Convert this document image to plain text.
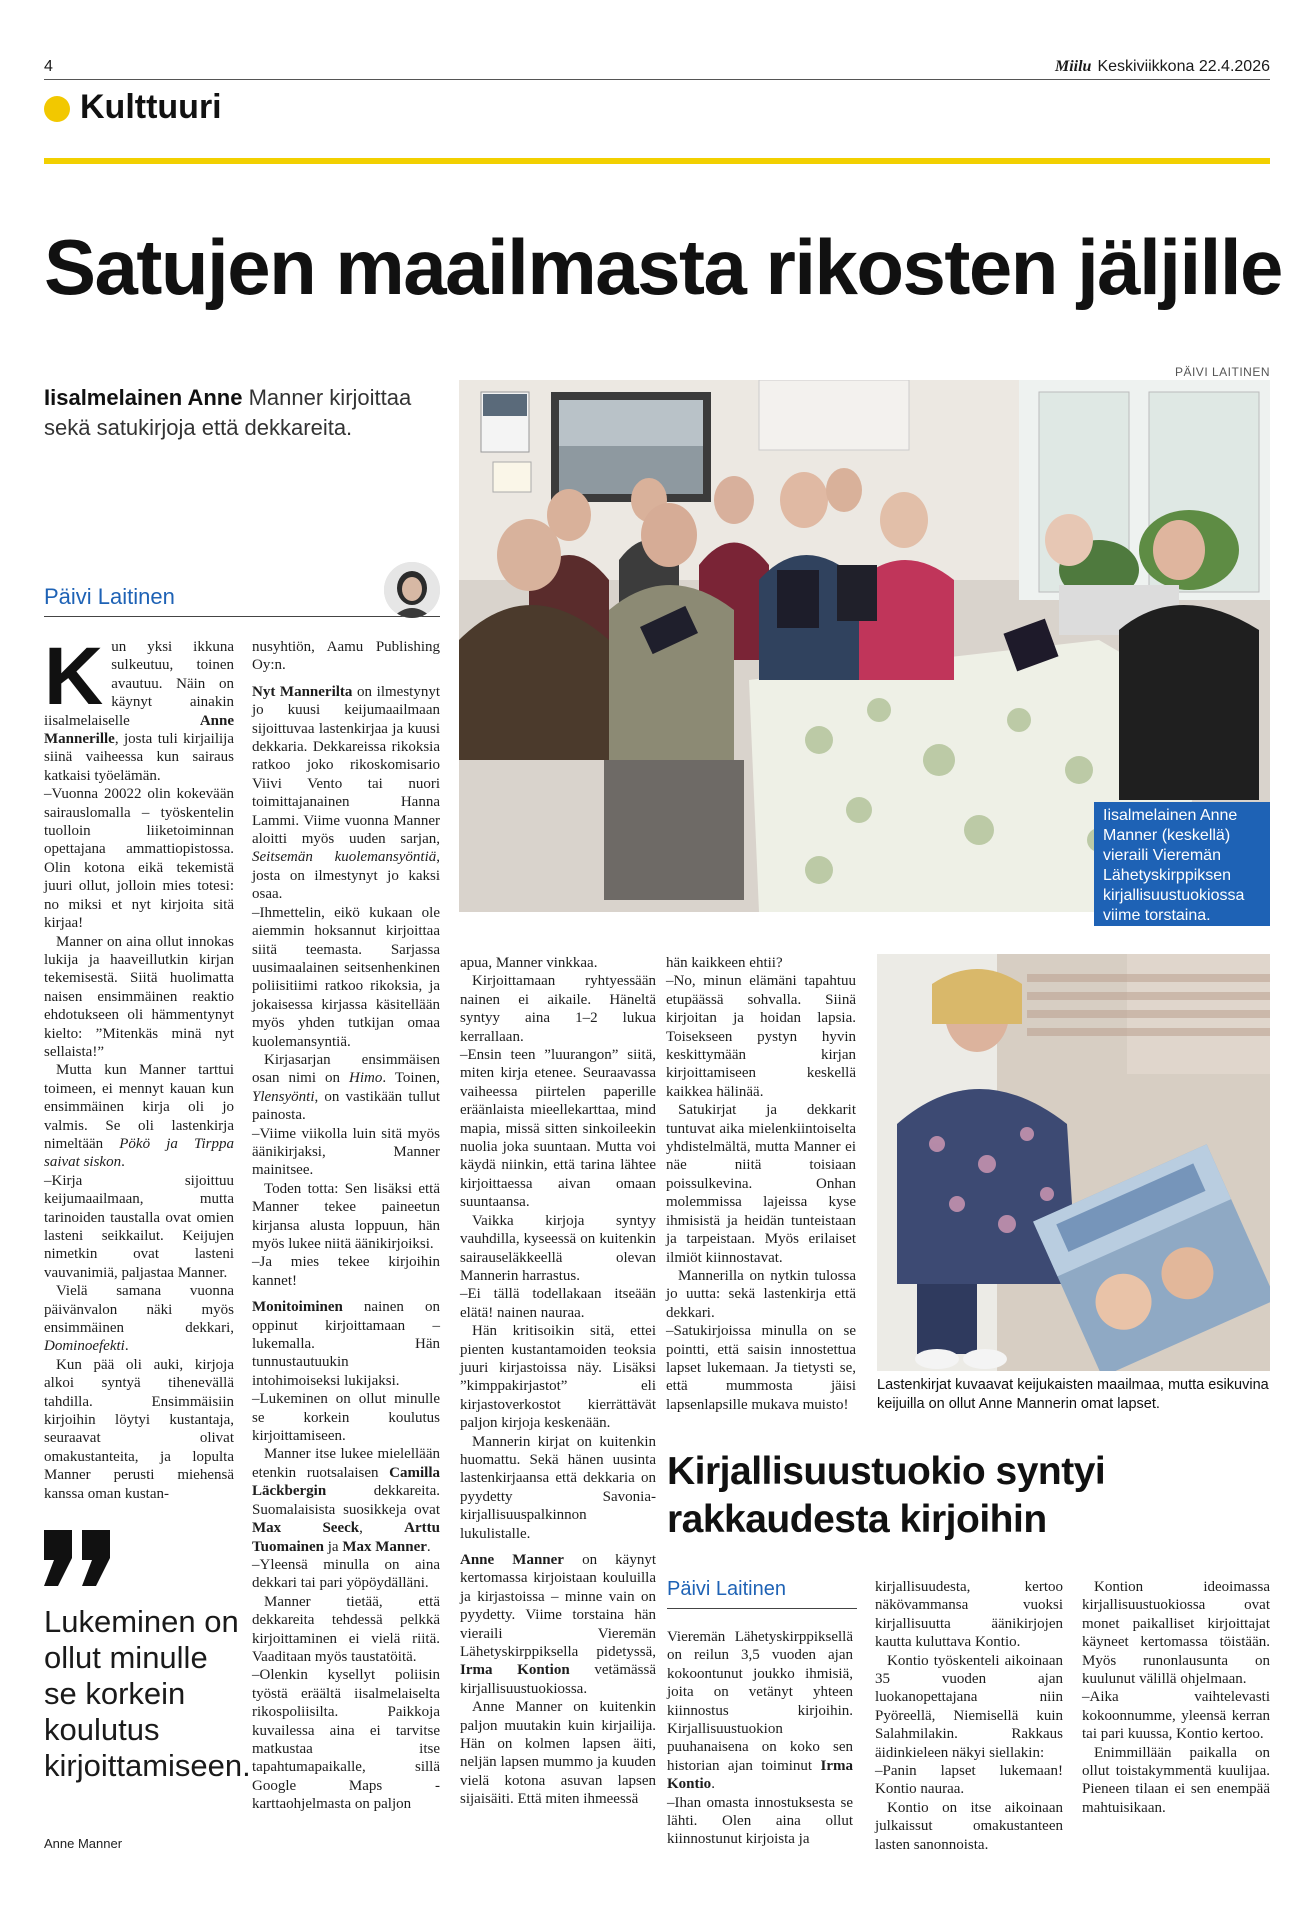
4	Miilu Keskiviikkona 22.4.2026
Kulttuuri
Satujen maailmasta rikosten jäljille
Iisalmelainen Anne Manner kirjoittaa sekä satukirjoja että dekkareita.
Päivi Laitinen
PÄIVI LAITINEN
Iisalmelainen Anne Manner (keskellä) vieraili Vieremän Lähetyskirppiksen kirjallisuustuokiossa viime torstaina.
Lastenkirjat kuvaavat keijukaisten maailmaa, mutta esikuvina keijuilla on ollut Anne Mannerin omat lapset.

Kun yksi ikkuna sulkeutuu, toinen avautuu. Näin on käynyt ainakin iisalmelaiselle Anne Mannerille, josta tuli kirjailija siinä vaiheessa kun sairaus katkaisi työelämän.

–Vuonna 20022 olin kokevään sairauslomalla – työskentelin tuolloin liiketoiminnan opettajana ammattiopistossa. Olin kotona eikä tekemistä juuri ollut, jolloin mies totesi: no miksi et nyt kirjoita sitä kirjaa!

Manner on aina ollut innokas lukija ja haaveillutkin kirjan tekemisestä. Siitä huolimatta naisen ensimmäinen reaktio ehdotukseen oli hämmentynyt kielto: ”Mitenkäs minä nyt sellaista!”

Mutta kun Manner tarttui toimeen, ei mennyt kauan kun ensimmäinen kirja oli jo valmis. Se oli lastenkirja nimeltään Pökö ja Tirppa saivat siskon.

–Kirja sijoittuu keijumaailmaan, mutta tarinoiden taustalla ovat omien lasteni seikkailut. Keijujen nimetkin ovat lasteni vauvanimiä, paljastaa Manner.

Vielä samana vuonna päivänvalon näki myös ensimmäinen dekkari, Dominoefekti.

Kun pää oli auki, kirjoja alkoi syntyä tihenevällä tahdilla. Ensimmäisiin kirjoihin löytyi kustantaja, seuraavat olivat omakustanteita, ja lopulta Manner perusti miehensä kanssa oman kustan-

nusyhtiön, Aamu Publishing Oy:n.

Nyt Mannerilta on ilmestynyt jo kuusi keijumaailmaan sijoittuvaa lastenkirjaa ja kuusi dekkaria. Dekkareissa rikoksia ratkoo joko rikoskomisario Viivi Vento tai nuori toimittajanainen Hanna Lammi. Viime vuonna Manner aloitti myös uuden sarjan, Seitsemän kuolemansyöntiä, josta on ilmestynyt jo kaksi osaa.

–Ihmettelin, eikö kukaan ole aiemmin hoksannut kirjoittaa siitä teemasta. Sarjassa uusimaalainen seitsenhenkinen poliisitiimi ratkoo rikoksia, ja jokaisessa kirjassa käsitellään myös yhden tutkijan omaa kuolemansyntiä.

Kirjasarjan ensimmäisen osan nimi on Himo. Toinen, Ylensyönti, on vastikään tullut painosta.

–Viime viikolla luin sitä myös äänikirjaksi, Manner mainitsee.

Toden totta: Sen lisäksi että Manner tekee paineetun kirjansa alusta loppuun, hän myös lukee niitä äänikirjoiksi.

–Ja mies tekee kirjoihin kannet!

Monitoiminen nainen on oppinut kirjoittamaan – lukemalla. Hän tunnustautuukin intohimoiseksi lukijaksi.

–Lukeminen on ollut minulle se korkein koulutus kirjoittamiseen.

Manner itse lukee mielellään etenkin ruotsalaisen Camilla Läckbergin dekkareita. Suomalaisista suosikkeja ovat Max Seeck, Arttu Tuomainen ja Max Manner.

–Yleensä minulla on aina dekkari tai pari yöpöydälläni.

Manner tietää, että dekkareita tehdessä pelkkä kirjoittaminen ei vielä riitä. Vaaditaan myös taustatöitä.

–Olenkin kysellyt poliisin työstä eräältä iisalmelaiselta rikospoliisilta. Paikkoja kuvailessa aina ei tarvitse matkustaa itse tapahtumapaikalle, sillä Google Maps -karttaohjelmasta on paljon

apua, Manner vinkkaa.

Kirjoittamaan ryhtyessään nainen ei aikaile. Häneltä syntyy aina 1–2 lukua kerrallaan.

–Ensin teen ”luurangon” siitä, miten kirja etenee. Seuraavassa vaiheessa piirtelen paperille eräänlaista mieellekarttaa, mind mapia, missä sitten sinkoileekin nuolia joka suuntaan. Mutta voi käydä niinkin, että tarina lähtee kirjoittaessa aivan omaan suuntaansa.

Vaikka kirjoja syntyy vauhdilla, kyseessä on kuitenkin sairauseläkkeellä olevan Mannerin harrastus.

–Ei tällä todellakaan itseään elätä! nainen nauraa.

Hän kritisoikin sitä, ettei pienten kustantamoiden teoksia juuri kirjastoissa näy. Lisäksi ”kimppakirjastot” eli kirjastoverkostot kierrättävät paljon kirjoja keskenään.

Mannerin kirjat on kuitenkin huomattu. Sekä hänen uusinta lastenkirjaansa että dekkaria on pyydetty Savonia-kirjallisuuspalkinnon lukulistalle.

Anne Manner on käynyt kertomassa kirjoistaan kouluilla ja kirjastoissa – minne vain on pyydetty. Viime torstaina hän vieraili Vieremän Lähetyskirppiksella pidetyssä, Irma Kontion vetämässä kirjallisuustuokiossa.

Anne Manner on kuitenkin paljon muutakin kuin kirjailija. Hän on kolmen lapsen äiti, neljän lapsen mummo ja kuuden vielä kotona asuvan lapsen sijaisäiti. Että miten ihmeessä

hän kaikkeen ehtii?

–No, minun elämäni tapahtuu etupäässä sohvalla. Siinä kirjoitan ja hoidan lapsia. Toisekseen pystyn hyvin keskittymään kirjan kirjoittamiseen keskellä kaikkea hälinää.

Satukirjat ja dekkarit tuntuvat aika mielenkiintoiselta yhdistelmältä, mutta Manner ei näe niitä toisiaan poissulkevina. Onhan molemmissa lajeissa kyse ihmisistä ja heidän tunteistaan ja tarpeistaan. Myös erilaiset ilmiöt kiinnostavat.

Mannerilla on nytkin tulossa jo uutta: sekä lastenkirja että dekkari.

–Satukirjoissa minulla on se pointti, että saisin innostettua lapset lukemaan. Ja tietysti se, että mummosta jäisi lapsenlapsille mukava muisto!

Lukeminen on ollut minulle se korkein koulutus kirjoittamiseen.
Anne Manner
Kirjallisuustuokio syntyi rakkaudesta kirjoihin
Päivi Laitinen

Vieremän Lähetyskirppiksellä on reilun 3,5 vuoden ajan kokoontunut joukko ihmisiä, joita on vetänyt yhteen kiinnostus kirjoihin. Kirjallisuustuokion puuhanaisena on koko sen historian ajan toiminut Irma Kontio.

–Ihan omasta innostuksesta se lähti. Olen aina ollut kiinnostunut kirjoista ja

kirjallisuudesta, kertoo näkövammansa vuoksi kirjallisuutta äänikirjojen kautta kuluttava Kontio.

Kontio työskenteli aikoinaan 35 vuoden ajan luokanopettajana niin Pyöreellä, Niemisellä kuin Salahmilakin. Rakkaus äidinkieleen näkyi siellakin:

–Panin lapset lukemaan! Kontio nauraa.

Kontio on itse aikoinaan julkaissut omakustanteen lasten sanonnoista.

Kontion ideoimassa kirjallisuustuokiossa ovat monet paikalliset kirjoittajat käyneet kertomassa töistään. Myös runonlausunta on kuulunut välillä ohjelmaan.

–Aika vaihtelevasti kokoonnumme, yleensä kerran tai pari kuussa, Kontio kertoo.

Enimmillään paikalla on ollut toistakymmentä kuulijaa. Pieneen tilaan ei sen enempää mahtuisikaan.
